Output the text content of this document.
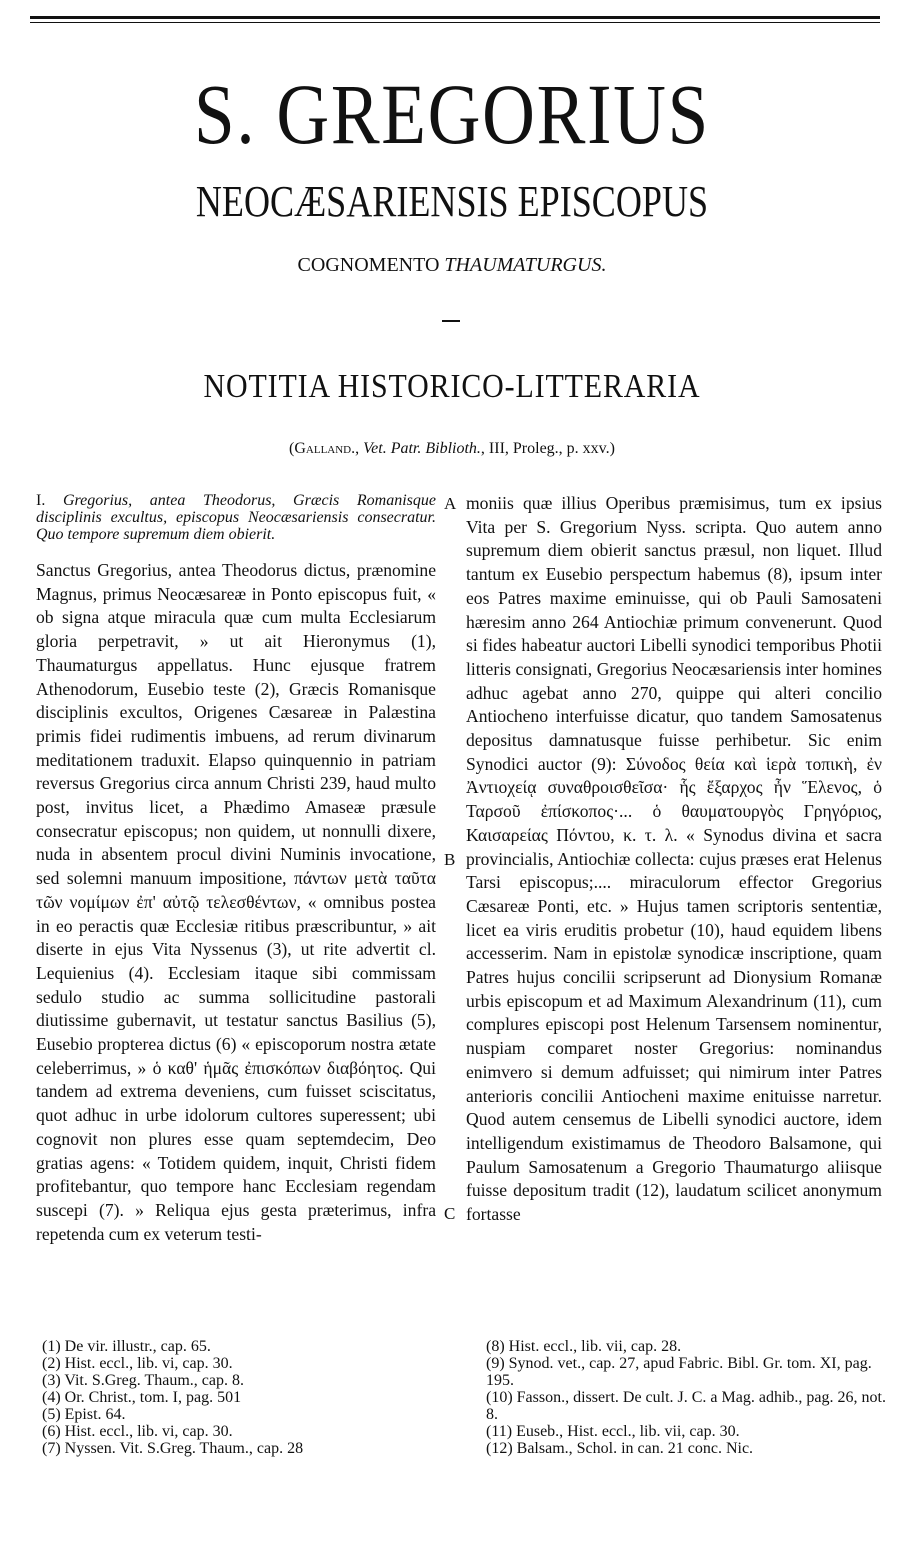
S. GREGORIUS
NEOCÆSARIENSIS EPISCOPUS
COGNOMENTO THAUMATURGUS.
NOTITIA HISTORICO-LITTERARIA
(Galland., Vet. Patr. Biblioth., III, Proleg., p. xxv.)
I. Gregorius, antea Theodorus, Græcis Romanisque disciplinis excultus, episcopus Neocæsariensis consecratur. Quo tempore supremum diem obierit.
Sanctus Gregorius, antea Theodorus dictus, prænomine Magnus, primus Neocæsareæ in Ponto episcopus fuit, « ob signa atque miracula quæ cum multa Ecclesiarum gloria perpetravit, » ut ait Hieronymus (1), Thaumaturgus appellatus. Hunc ejusque fratrem Athenodorum, Eusebio teste (2), Græcis Romanisque disciplinis excultos, Origenes Cæsareæ in Palæstina primis fidei rudimentis imbuens, ad rerum divinarum meditationem traduxit. Elapso quinquennio in patriam reversus Gregorius circa annum Christi 239, haud multo post, invitus licet, a Phædimo Amaseæ præsule consecratur episcopus; non quidem, ut nonnulli dixere, nuda in absentem procul divini Numinis invocatione, sed solemni manuum impositione, πάντων μετὰ ταῦτα τῶν νομίμων ἐπ' αὐτῷ τελεσθέντων, « omnibus postea in eo peractis quæ Ecclesiæ ritibus præscribuntur, » ait diserte in ejus Vita Nyssenus (3), ut rite advertit cl. Lequienius (4). Ecclesiam itaque sibi commissam sedulo studio ac summa sollicitudine pastorali diutissime gubernavit, ut testatur sanctus Basilius (5), Eusebio propterea dictus (6) « episcoporum nostra ætate celeberrimus, » ὁ καθ' ἡμᾶς ἐπισκόπων διαβόητος. Qui tandem ad extrema deveniens, cum fuisset sciscitatus, quot adhuc in urbe idolorum cultores superessent; ubi cognovit non plures esse quam septemdecim, Deo gratias agens: « Totidem quidem, inquit, Christi fidem profitebantur, quo tempore hanc Ecclesiam regendam suscepi (7). » Reliqua ejus gesta præterimus, infra repetenda cum ex veterum testi-
moniis quæ illius Operibus præmisimus, tum ex ipsius Vita per S. Gregorium Nyss. scripta. Quo autem anno supremum diem obierit sanctus præsul, non liquet. Illud tantum ex Eusebio perspectum habemus (8), ipsum inter eos Patres maxime eminuisse, qui ob Pauli Samosateni hæresim anno 264 Antiochiæ primum convenerunt. Quod si fides habeatur auctori Libelli synodici temporibus Photii litteris consignati, Gregorius Neocæsariensis inter homines adhuc agebat anno 270, quippe qui alteri concilio Antiocheno interfuisse dicatur, quo tandem Samosatenus depositus damnatusque fuisse perhibetur. Sic enim Synodici auctor (9): Σύνοδος θεία καὶ ἱερὰ τοπικὴ, ἐν Ἀντιοχείᾳ συναθροισθεῖσα· ἧς ἔξαρχος ἦν Ἕλενος, ὁ Ταρσοῦ ἐπίσκοπος·... ὁ θαυματουργὸς Γρηγόριος, Καισαρείας Πόντου, κ. τ. λ. « Synodus divina et sacra provincialis, Antiochiæ collecta: cujus præses erat Helenus Tarsi episcopus;.... miraculorum effector Gregorius Cæsareæ Ponti, etc. » Hujus tamen scriptoris sententiæ, licet ea viris eruditis probetur (10), haud equidem libens accesserim. Nam in epistolæ synodicæ inscriptione, quam Patres hujus concilii scripserunt ad Dionysium Romanæ urbis episcopum et ad Maximum Alexandrinum (11), cum complures episcopi post Helenum Tarsensem nominentur, nuspiam comparet noster Gregorius: nominandus enimvero si demum adfuisset; qui nimirum inter Patres anterioris concilii Antiocheni maxime enituisse narretur. Quod autem censemus de Libelli synodici auctore, idem intelligendum existimamus de Theodoro Balsamone, qui Paulum Samosatenum a Gregorio Thaumaturgo aliisque fuisse depositum tradit (12), laudatum scilicet anonymum fortasse
A
B
C
(1) De vir. illustr., cap. 65.
(2) Hist. eccl., lib. vi, cap. 30.
(3) Vit. S.Greg. Thaum., cap. 8.
(4) Or. Christ., tom. I, pag. 501
(5) Epist. 64.
(6) Hist. eccl., lib. vi, cap. 30.
(7) Nyssen. Vit. S.Greg. Thaum., cap. 28
(8) Hist. eccl., lib. vii, cap. 28.
(9) Synod. vet., cap. 27, apud Fabric. Bibl. Gr. tom. XI, pag. 195.
(10) Fasson., dissert. De cult. J. C. a Mag. adhib., pag. 26, not. 8.
(11) Euseb., Hist. eccl., lib. vii, cap. 30.
(12) Balsam., Schol. in can. 21 conc. Nic.
